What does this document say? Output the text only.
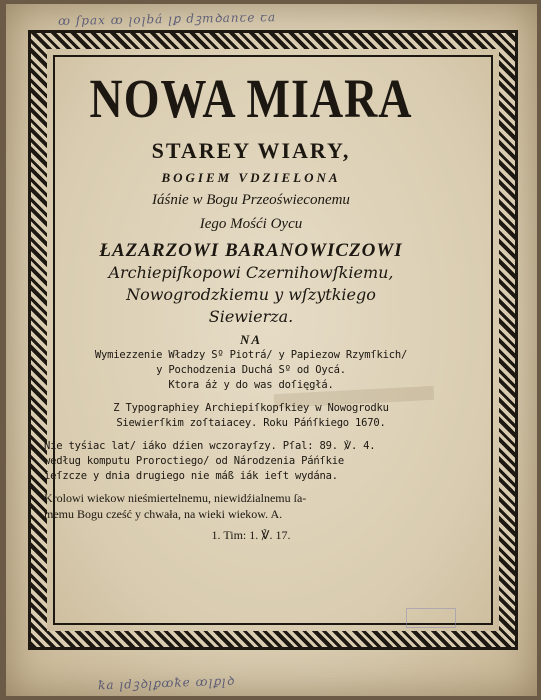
ꝏ ſpax ꝏ ꞁoꞁbá ꞁꝑ dꝫmꝺanꞇe ꞇa
NOWA MIARA
STAREY WIARY,
BOGIEM VDZIELONA
Iáśnie w Bogu Przeoświeconemu
Iego Mośći Oycu
ŁAZARZOWI BARANOWICZOWI
Archiepiſkopowi Czernihowſkiemu,
Nowogrodzkiemu y wſzytkiego
Siewierza.
NA
Wymiezzenie Władzy Sº Piotrá/ y Papiezow Rzymſkich/
y Pochodzenia Duchá Sº od Oycá.
Ktora áż y do was doſięgłá.
Z Typographiey Archiepiſkopſkiey w Nowogrodku
Siewierſkim zoſtaiacey. Roku Páńſkiego 1670.
Nie tyśiac lat/ iáko dźien wczorayſzy. Pſal: 89. ℣. 4.
według komputu Proroctiego/ od Národzenia Páńſkie
ieſzcze y dnia drugiego nie máß iák ieſt wydána.
Krolowi wiekow nieśmiertelnemu, niewidźialnemu ſa-
memu Bogu cześć y chwała, na wieki wiekow. A.
1. Tim: 1. ℣. 17.
ꝁa ꞁdꝫꝺꞁꝑꝏꝁe ꝏꞁꝑꞁꝺ
